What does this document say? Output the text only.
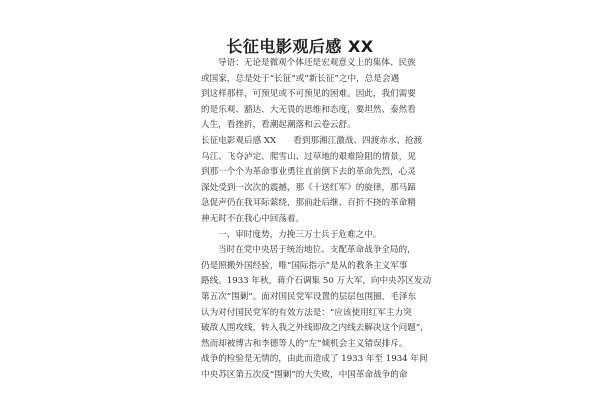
长征电影观后感 XX
导语：无论是微观个体还是宏观意义上的集体、民族
或国家，总是处于“长征”或“新长征”之中，总是会遇
到这样那样，可预见或不可预见的困难。因此，我们需要
的是乐观、豁达、大无畏的思维和态度，要坦然、泰然看
人生，看挫折，看潮起潮落和云卷云舒。
长征电影观后感 XX　　看到那湘江激战、四渡赤水、抢渡
乌江、飞夺泸定、爬雪山、过草地的艰难险阻的情景，见
到那一个个为革命事业勇往直前倒下去的革命先烈，心灵
深处受到一次次的震撼，那《十送红军》的旋律，那马蹄
急促声仍在我耳际萦绕，那前赴后继、百折不挠的革命精
神无时不在我心中回荡着。
一、审时度势，力挽三万士兵于危难之中。
当时在党中央居于统治地位、支配革命战争全局的，
仍是照搬外国经验，唯“国际指示”是从的教条主义军事
路线。1933 年秋，蒋介石调集 50 万大军，向中央苏区发动
第五次“围剿”。面对国民党军设置的层层包围圈，毛泽东
认为对付国民党军的有效方法是：“应该使用红军主力突
破敌人围攻线，转入我之外线即敌之内线去解决这个问题”，
然而却被博古和李德等人的“左”倾机会主义错误排斥。
战争的检验是无情的，由此而造成了 1933 年至 1934 年间
中央苏区第五次反“围剿”的大失败，中国革命战争的命
